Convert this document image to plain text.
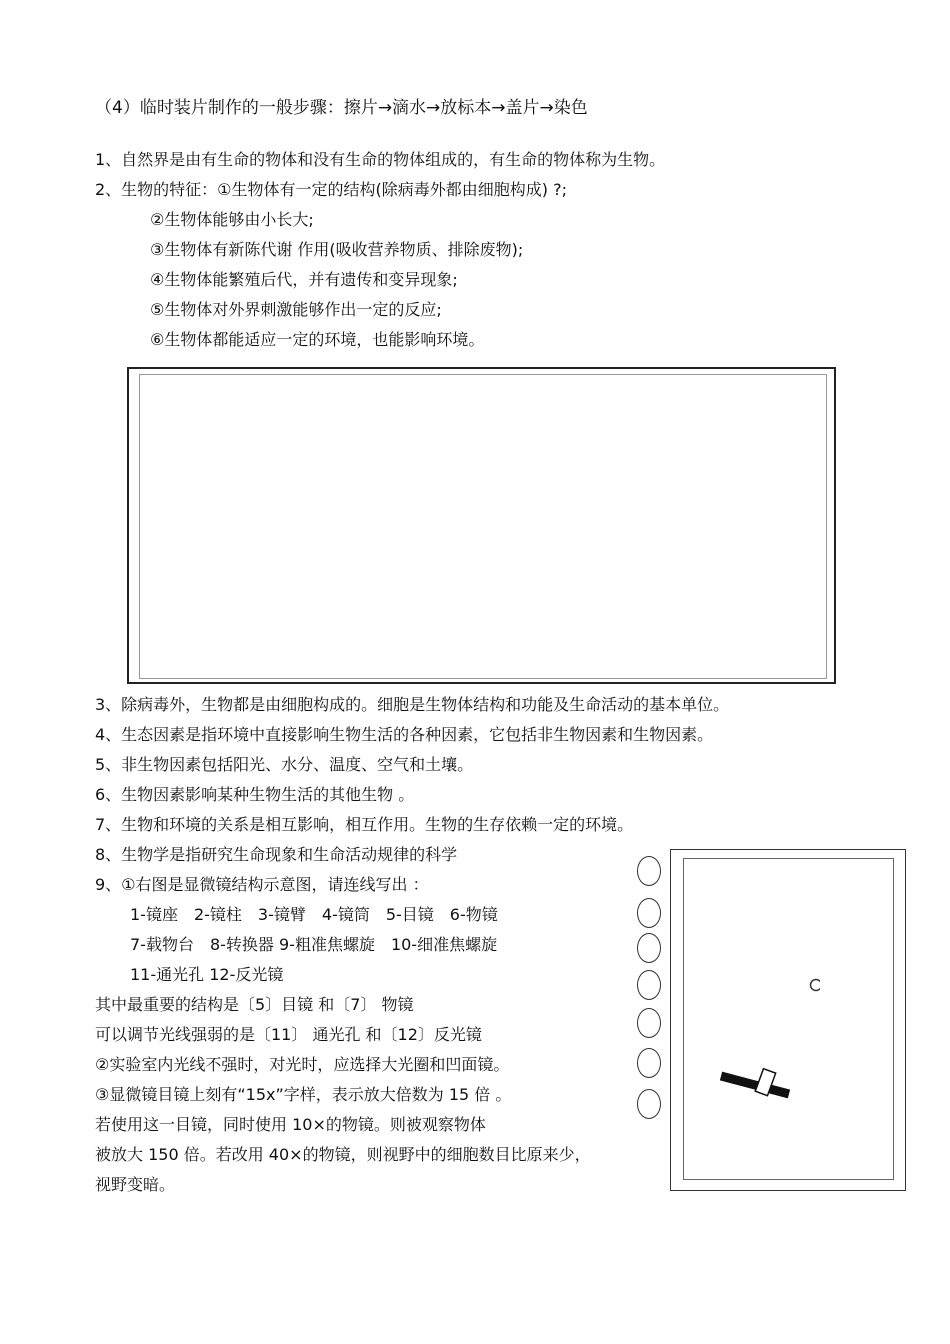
（4）临时装片制作的一般步骤：擦片→滴水→放标本→盖片→染色
1、自然界是由有生命的物体和没有生命的物体组成的，有生命的物体称为生物。
2、生物的特征：①生物体有一定的结构(除病毒外都由细胞构成) ?;
②生物体能够由小长大;
③生物体有新陈代谢 作用(吸收营养物质、排除废物);
④生物体能繁殖后代，并有遗传和变异现象;
⑤生物体对外界刺激能够作出一定的反应;
⑥生物体都能适应一定的环境，也能影响环境。
3、除病毒外，生物都是由细胞构成的。细胞是生物体结构和功能及生命活动的基本单位。
4、生态因素是指环境中直接影响生物生活的各种因素，它包括非生物因素和生物因素。
5、非生物因素包括阳光、水分、温度、空气和土壤。
6、生物因素影响某种生物生活的其他生物 。
7、生物和环境的关系是相互影响，相互作用。生物的生存依赖一定的环境。
8、生物学是指研究生命现象和生命活动规律的科学
9、①右图是显微镜结构示意图，请连线写出 ：
1-镜座　2-镜柱　3-镜臂　4-镜筒　5-目镜　6-物镜
7-载物台　8-转换器 9-粗准焦螺旋　10-细准焦螺旋
11-通光孔 12-反光镜
其中最重要的结构是〔5〕目镜 和〔7〕 物镜
可以调节光线强弱的是〔11〕 通光孔 和〔12〕反光镜
②实验室内光线不强时，对光时，应选择大光圈和凹面镜。
③显微镜目镜上刻有“15x”字样，表示放大倍数为 15 倍 。
若使用这一目镜，同时使用 10×的物镜。则被观察物体
被放大 150 倍。若改用 40×的物镜，则视野中的细胞数目比原来少，
视野变暗。
